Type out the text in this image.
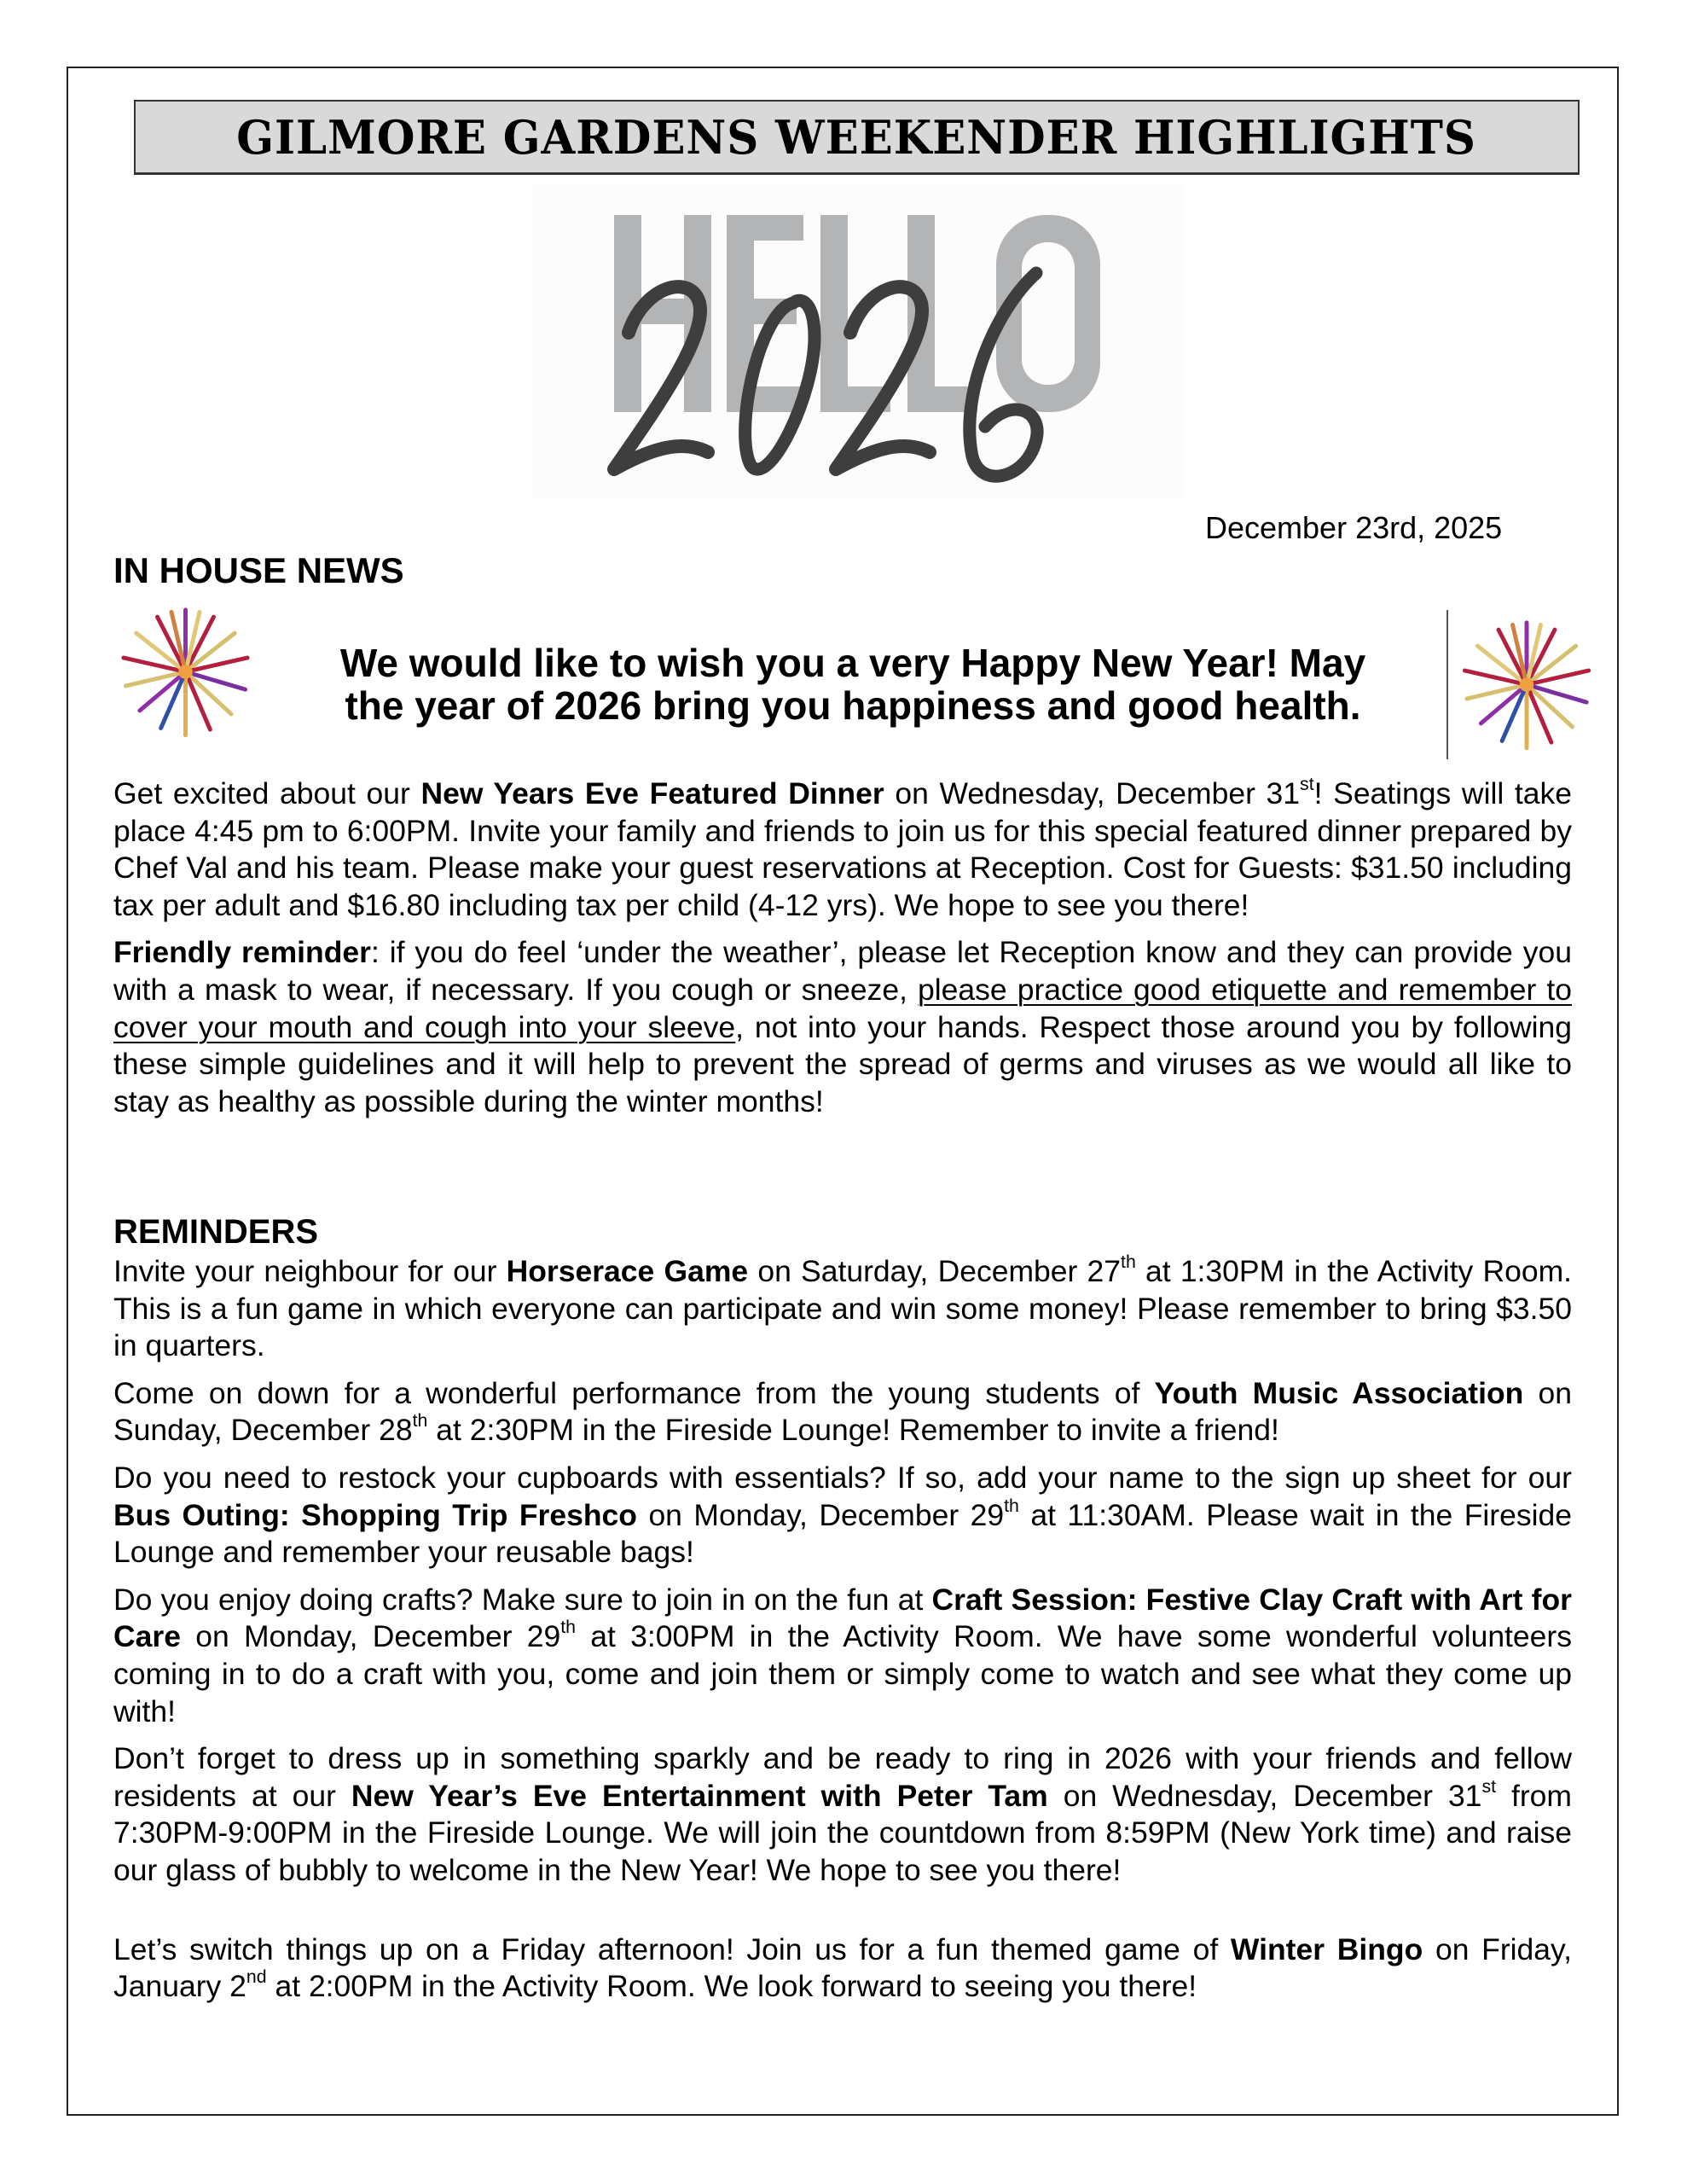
GILMORE GARDENS WEEKENDER HIGHLIGHTS
December 23rd, 2025
IN HOUSE NEWS
We would like to wish you a very Happy New Year! May
the year of 2026 bring you happiness and good health.

Get excited about our New Years Eve Featured Dinner on Wednesday, December 31st! Seatings will take place 4:45 pm to 6:00PM. Invite your family and friends to join us for this special featured dinner prepared by Chef Val and his team. Please make your guest reservations at Reception. Cost for Guests: $31.50 including tax per adult and $16.80 including tax per child (4-12 yrs). We hope to see you there!

Friendly reminder: if you do feel ‘under the weather’, please let Reception know and they can provide you with a mask to wear, if necessary. If you cough or sneeze, please practice good etiquette and remember to cover your mouth and cough into your sleeve, not into your hands. Respect those around you by following these simple guidelines and it will help to prevent the spread of germs and viruses as we would all like to stay as healthy as possible during the winter months!

REMINDERS

Invite your neighbour for our Horserace Game on Saturday, December 27th at 1:30PM in the Activity Room. This is a fun game in which everyone can participate and win some money! Please remember to bring $3.50 in quarters.

Come on down for a wonderful performance from the young students of Youth Music Association on Sunday, December 28th at 2:30PM in the Fireside Lounge! Remember to invite a friend!

Do you need to restock your cupboards with essentials? If so, add your name to the sign up sheet for our Bus Outing: Shopping Trip Freshco on Monday, December 29th at 11:30AM. Please wait in the Fireside Lounge and remember your reusable bags!

Do you enjoy doing crafts? Make sure to join in on the fun at Craft Session: Festive Clay Craft with Art for Care on Monday, December 29th at 3:00PM in the Activity Room. We have some wonderful volunteers coming in to do a craft with you, come and join them or simply come to watch and see what they come up with!

Don’t forget to dress up in something sparkly and be ready to ring in 2026 with your friends and fellow residents at our New Year’s Eve Entertainment with Peter Tam on Wednesday, December 31st from 7:30PM-9:00PM in the Fireside Lounge. We will join the countdown from 8:59PM (New York time) and raise our glass of bubbly to welcome in the New Year! We hope to see you there!

Let’s switch things up on a Friday afternoon! Join us for a fun themed game of Winter Bingo on Friday, January 2nd at 2:00PM in the Activity Room. We look forward to seeing you there!
